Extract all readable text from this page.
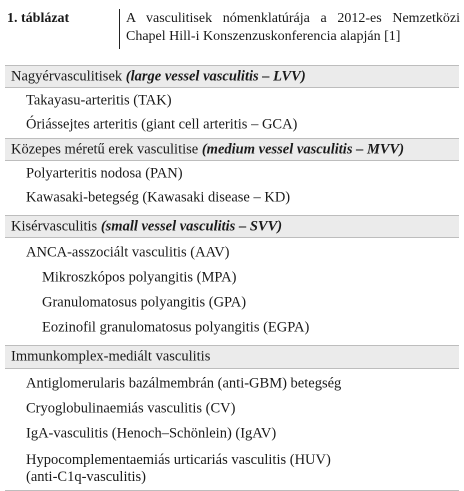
1. táblázat	A vasculitisek nómenklatúrája a 2012-es Nemzetközi Chapel Hill-i Konszenzuskonferencia alapján [1]
Nagyérvasculitisek (large vessel vasculitis – LVV)
Takayasu-arteritis (TAK)
Óriássejtes arteritis (giant cell arteritis – GCA)
Közepes méretű erek vasculitise (medium vessel vasculitis – MVV)
Polyarteritis nodosa (PAN)
Kawasaki-betegség (Kawasaki disease – KD)
Kisérvasculitis (small vessel vasculitis – SVV)
ANCA-asszociált vasculitis (AAV)
Mikroszkópos polyangitis (MPA)
Granulomatosus polyangitis (GPA)
Eozinofil granulomatosus polyangitis (EGPA)
Immunkomplex-mediált vasculitis
Antiglomerularis bazálmembrán (anti-GBM) betegség
Cryoglobulinaemiás vasculitis (CV)
IgA-vasculitis (Henoch–Schönlein) (IgAV)
Hypocomplementaemiás urticariás vasculitis (HUV) (anti-C1q-vasculitis)
